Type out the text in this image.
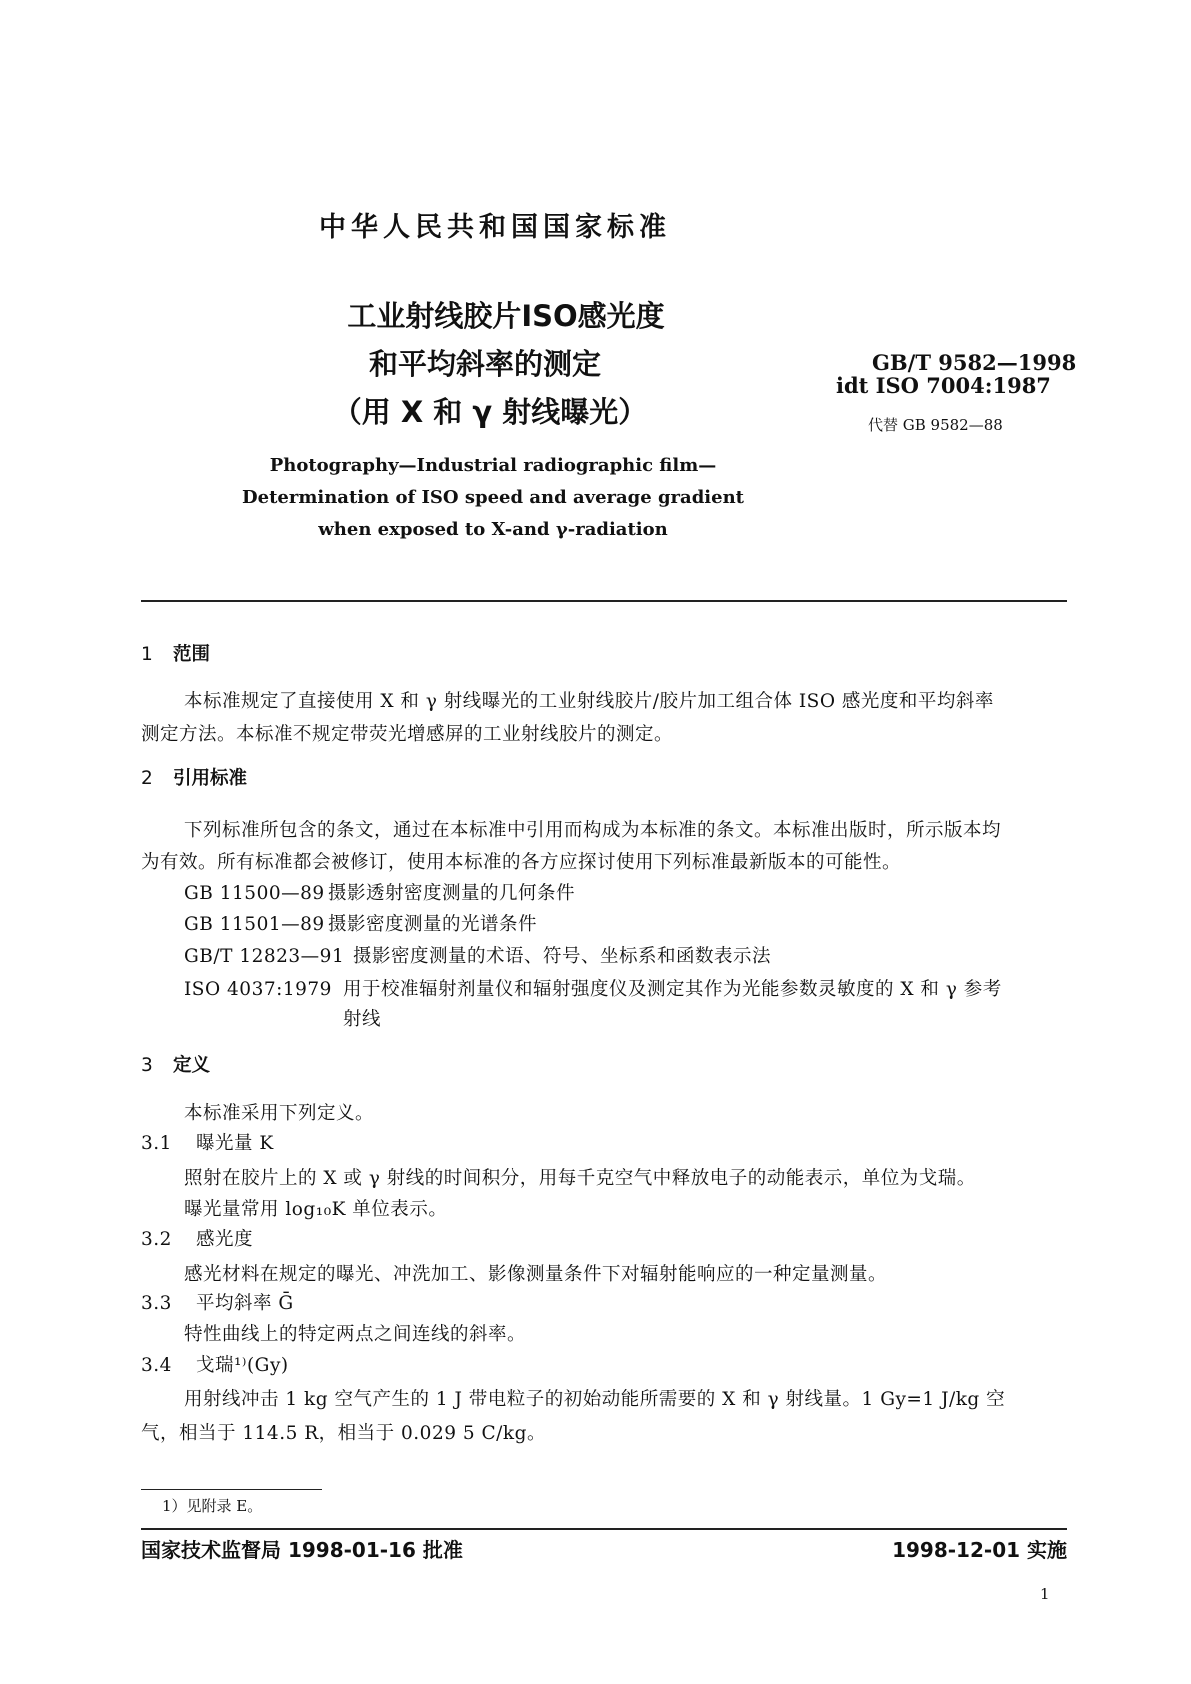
中华人民共和国国家标准
工业射线胶片ISO感光度
和平均斜率的测定
（用 X 和 γ 射线曝光）
GB/T 9582—1998
idt ISO 7004:1987
代替 GB 9582—88
Photography—Industrial radiographic film—
Determination of ISO speed and average gradient
when exposed to X-and γ-radiation
1 范围
本标准规定了直接使用 X 和 γ 射线曝光的工业射线胶片/胶片加工组合体 ISO 感光度和平均斜率
测定方法。本标准不规定带荧光增感屏的工业射线胶片的测定。
2 引用标准
下列标准所包含的条文，通过在本标准中引用而构成为本标准的条文。本标准出版时，所示版本均
为有效。所有标准都会被修订，使用本标准的各方应探讨使用下列标准最新版本的可能性。
GB 11500—89 摄影透射密度测量的几何条件
GB 11501—89 摄影密度测量的光谱条件
GB/T 12823—91 摄影密度测量的术语、符号、坐标系和函数表示法
ISO 4037:1979 用于校准辐射剂量仪和辐射强度仪及测定其作为光能参数灵敏度的 X 和 γ 参考
射线
3 定义
本标准采用下列定义。
3.1 曝光量 K
照射在胶片上的 X 或 γ 射线的时间积分，用每千克空气中释放电子的动能表示，单位为戈瑞。
曝光量常用 log₁₀K 单位表示。
3.2 感光度
感光材料在规定的曝光、冲洗加工、影像测量条件下对辐射能响应的一种定量测量。
3.3 平均斜率 Ḡ
特性曲线上的特定两点之间连线的斜率。
3.4 戈瑞¹⁾(Gy)
用射线冲击 1 kg 空气产生的 1 J 带电粒子的初始动能所需要的 X 和 γ 射线量。1 Gy=1 J/kg 空
气，相当于 114.5 R，相当于 0.029 5 C/kg。
1）见附录 E。
国家技术监督局 1998-01-16 批准	1998-12-01 实施
1
